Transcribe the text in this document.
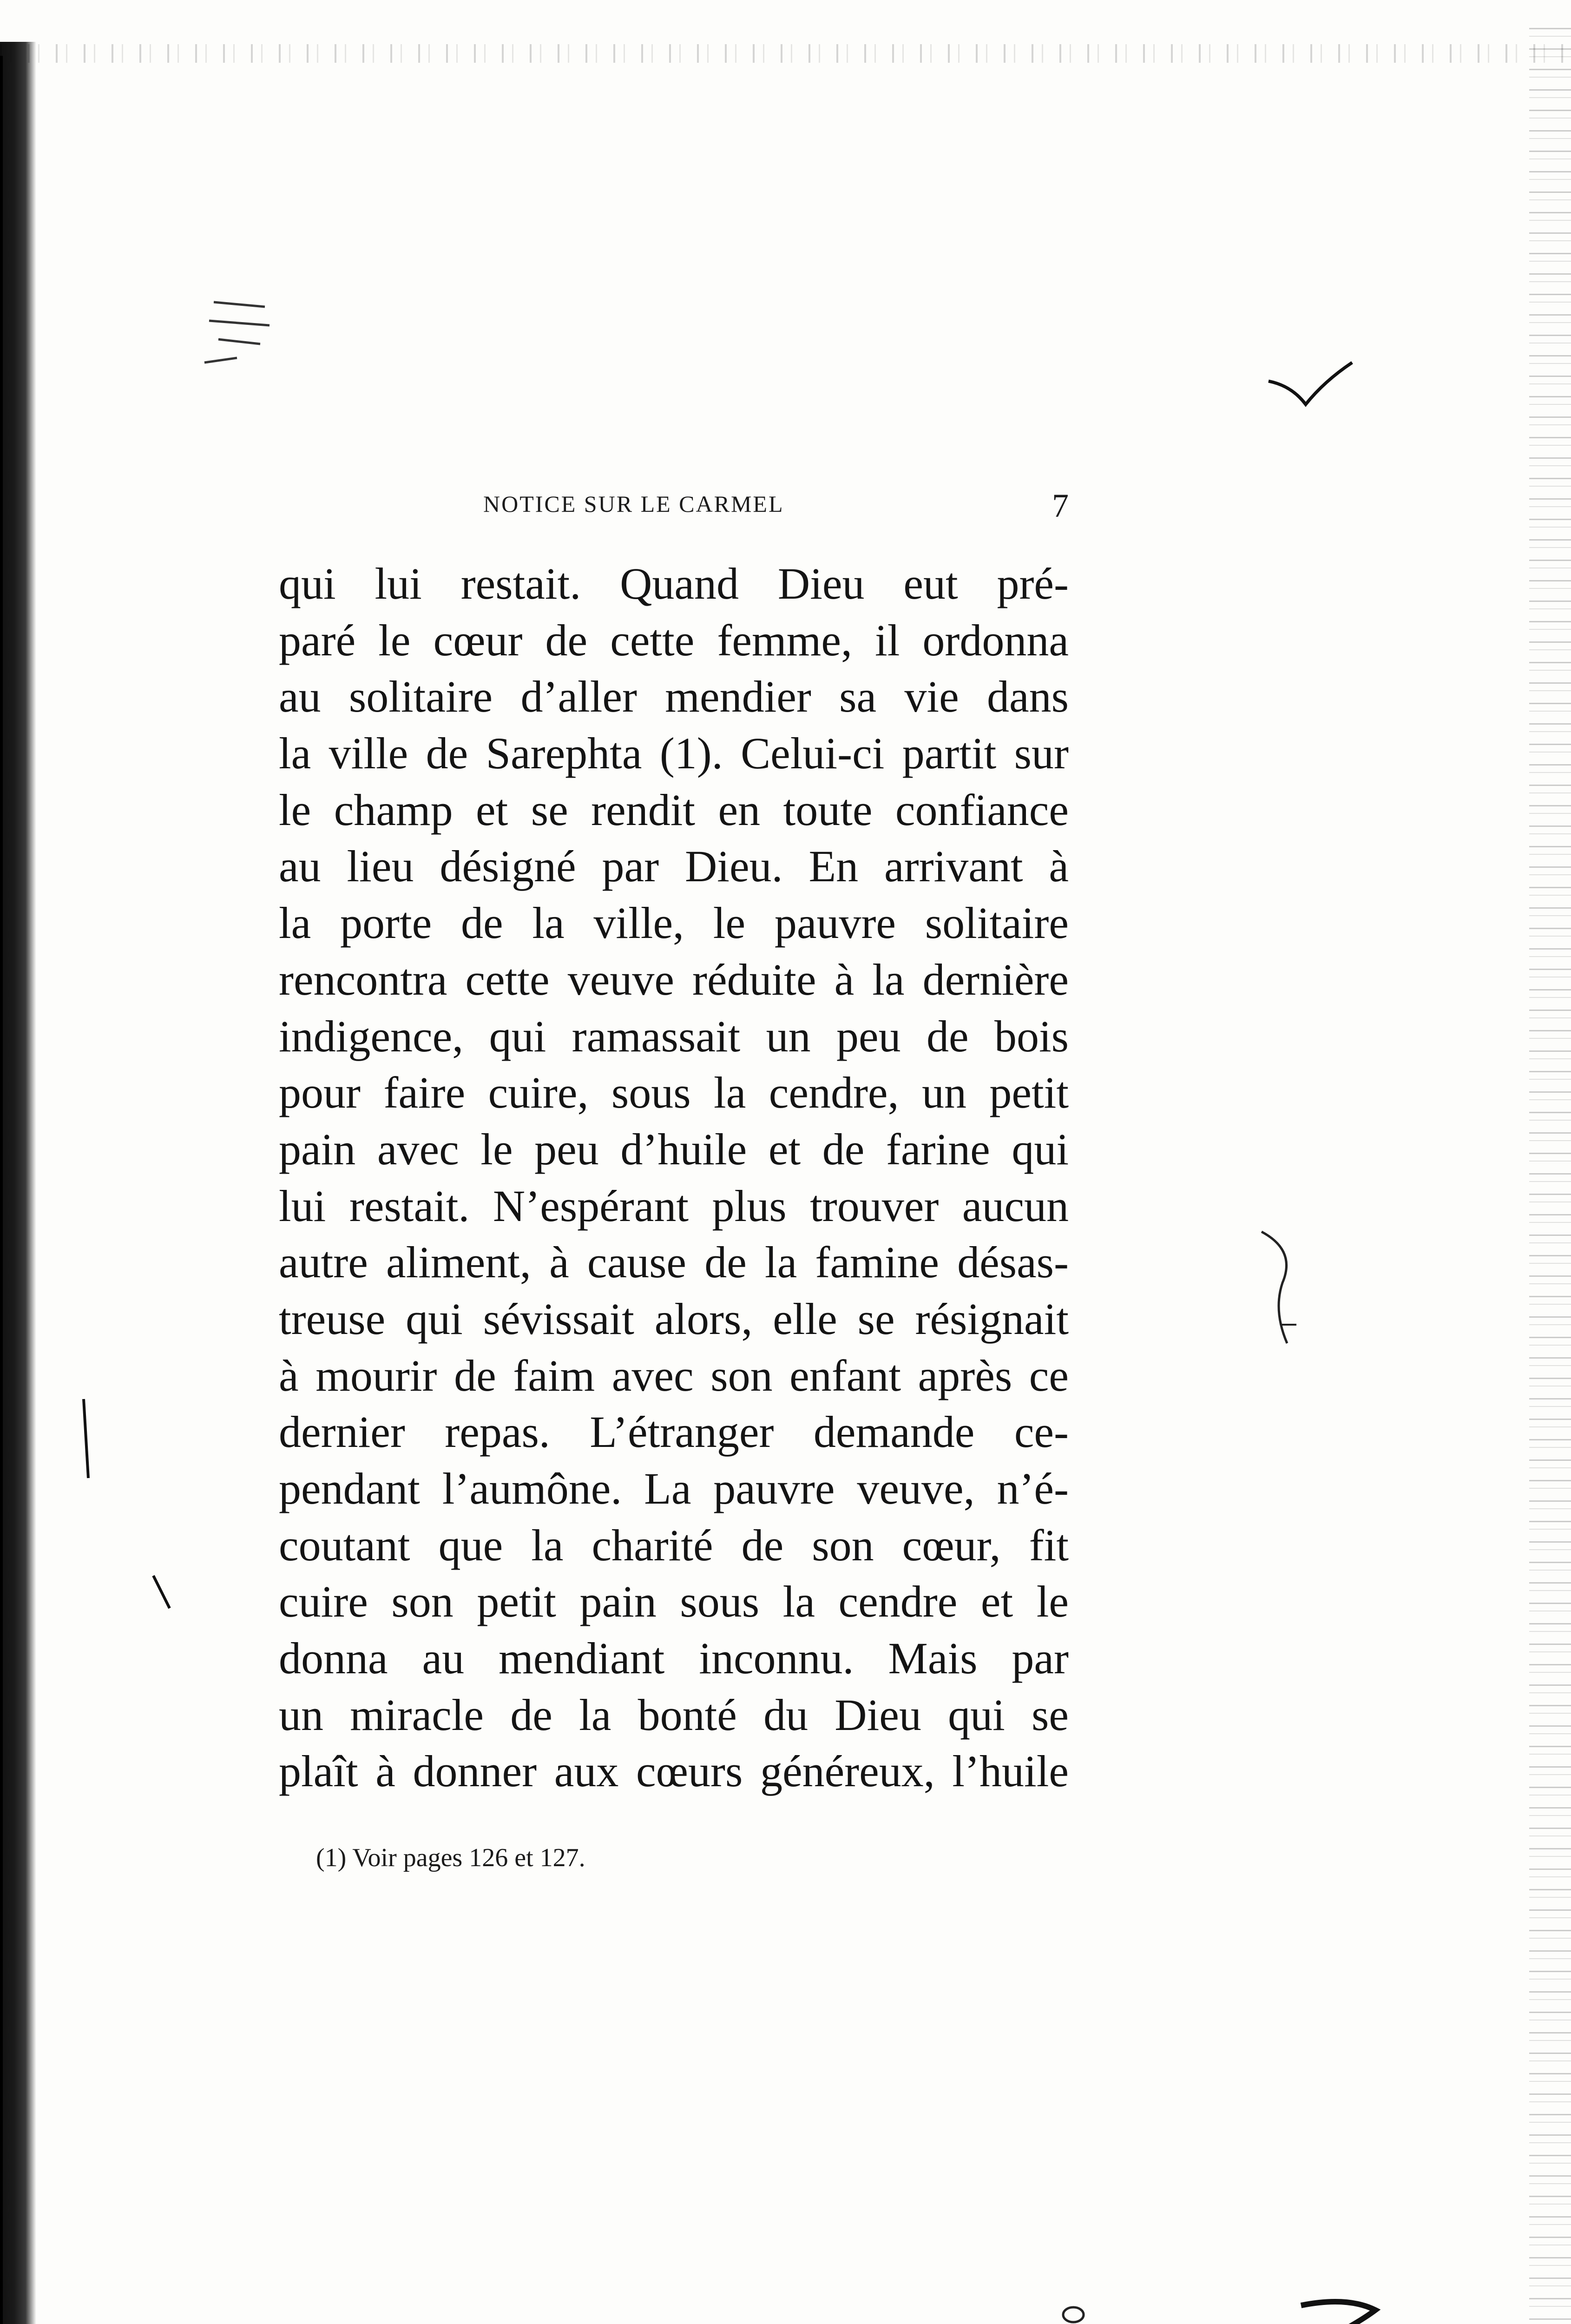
NOTICE SUR LE CARMEL	7
qui lui restait. Quand Dieu eut pré-
paré le cœur de cette femme, il ordonna
au solitaire d’aller mendier sa vie dans
la ville de Sarephta (1). Celui-ci partit sur
le champ et se rendit en toute confiance
au lieu désigné par Dieu. En arrivant à
la porte de la ville, le pauvre solitaire
rencontra cette veuve réduite à la dernière
indigence, qui ramassait un peu de bois
pour faire cuire, sous la cendre, un petit
pain avec le peu d’huile et de farine qui
lui restait. N’espérant plus trouver aucun
autre aliment, à cause de la famine désas-
treuse qui sévissait alors, elle se résignait
à mourir de faim avec son enfant après ce
dernier repas. L’étranger demande ce-
pendant l’aumône. La pauvre veuve, n’é-
coutant que la charité de son cœur, fit
cuire son petit pain sous la cendre et le
donna au mendiant inconnu. Mais par
un miracle de la bonté du Dieu qui se
plaît à donner aux cœurs généreux, l’huile
(1) Voir pages 126 et 127.
